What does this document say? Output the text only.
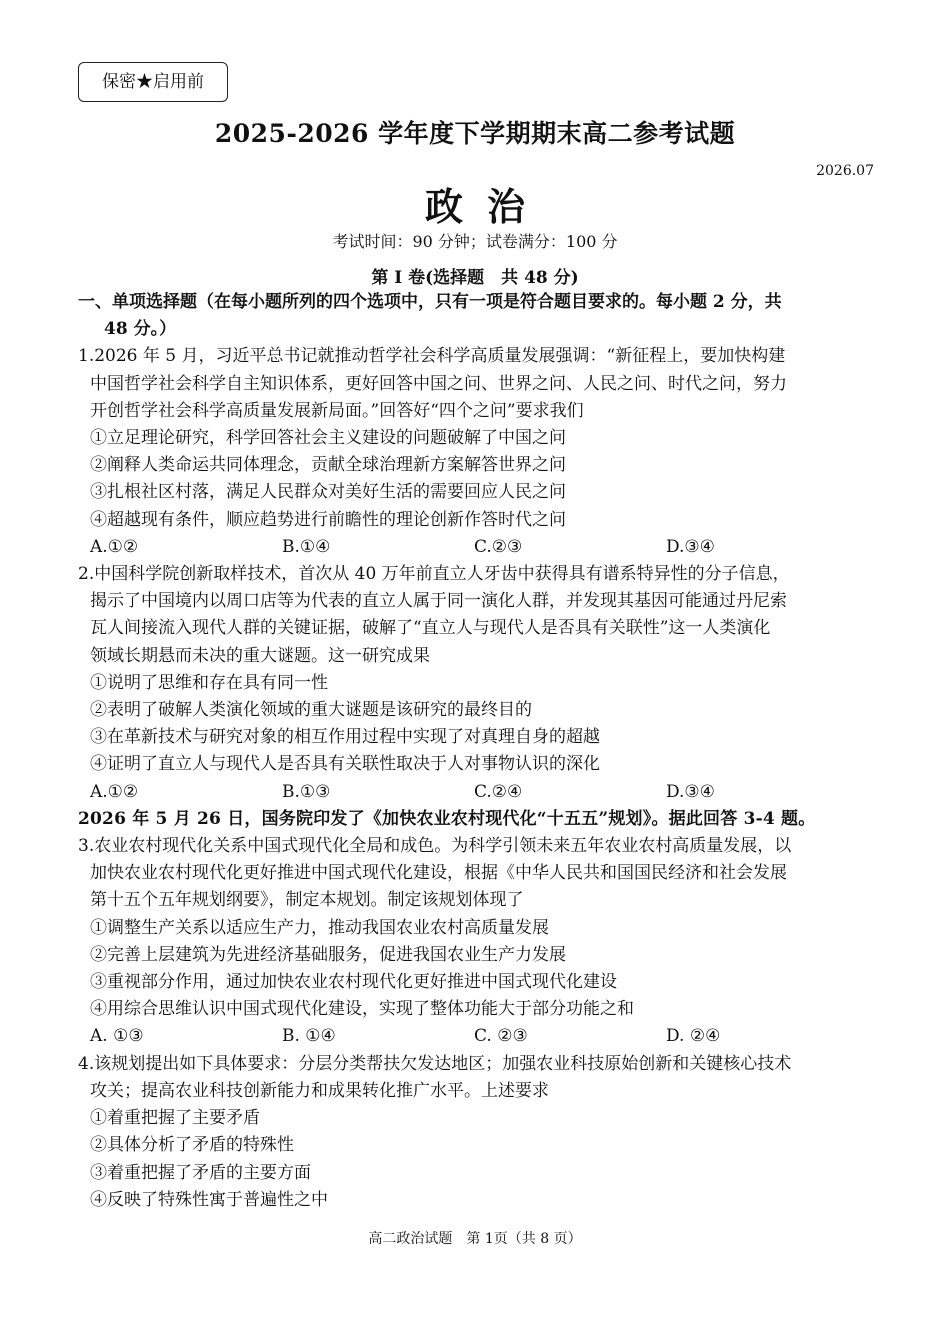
保密★启用前
2025-2026 学年度下学期期末高二参考试题
2026.07
政治
考试时间：90 分钟；试卷满分：100 分
第 I 卷(选择题　共 48 分)
一、单项选择题（在每小题所列的四个选项中，只有一项是符合题目要求的。每小题 2 分，共
48 分。）
1.2026 年 5 月，习近平总书记就推动哲学社会科学高质量发展强调：“新征程上，要加快构建
中国哲学社会科学自主知识体系，更好回答中国之问、世界之问、人民之问、时代之问，努力
开创哲学社会科学高质量发展新局面。”回答好“四个之问”要求我们
①立足理论研究，科学回答社会主义建设的问题破解了中国之问
②阐释人类命运共同体理念，贡献全球治理新方案解答世界之问
③扎根社区村落，满足人民群众对美好生活的需要回应人民之问
④超越现有条件，顺应趋势进行前瞻性的理论创新作答时代之问
A.①②	B.①④	C.②③	D.③④
2.中国科学院创新取样技术，首次从 40 万年前直立人牙齿中获得具有谱系特异性的分子信息，
揭示了中国境内以周口店等为代表的直立人属于同一演化人群，并发现其基因可能通过丹尼索
瓦人间接流入现代人群的关键证据，破解了“直立人与现代人是否具有关联性”这一人类演化
领域长期悬而未决的重大谜题。这一研究成果
①说明了思维和存在具有同一性
②表明了破解人类演化领域的重大谜题是该研究的最终目的
③在革新技术与研究对象的相互作用过程中实现了对真理自身的超越
④证明了直立人与现代人是否具有关联性取决于人对事物认识的深化
A.①②	B.①③	C.②④	D.③④
2026 年 5 月 26 日，国务院印发了《加快农业农村现代化“十五五”规划》。据此回答 3-4 题。
3.农业农村现代化关系中国式现代化全局和成色。为科学引领未来五年农业农村高质量发展，以
加快农业农村现代化更好推进中国式现代化建设，根据《中华人民共和国国民经济和社会发展
第十五个五年规划纲要》，制定本规划。制定该规划体现了
①调整生产关系以适应生产力，推动我国农业农村高质量发展
②完善上层建筑为先进经济基础服务，促进我国农业生产力发展
③重视部分作用，通过加快农业农村现代化更好推进中国式现代化建设
④用综合思维认识中国式现代化建设，实现了整体功能大于部分功能之和
A. ①③	B. ①④	C. ②③	D. ②④
4.该规划提出如下具体要求：分层分类帮扶欠发达地区；加强农业科技原始创新和关键核心技术
攻关；提高农业科技创新能力和成果转化推广水平。上述要求
①着重把握了主要矛盾
②具体分析了矛盾的特殊性
③着重把握了矛盾的主要方面
④反映了特殊性寓于普遍性之中
高二政治试题　第 1页（共 8 页）
